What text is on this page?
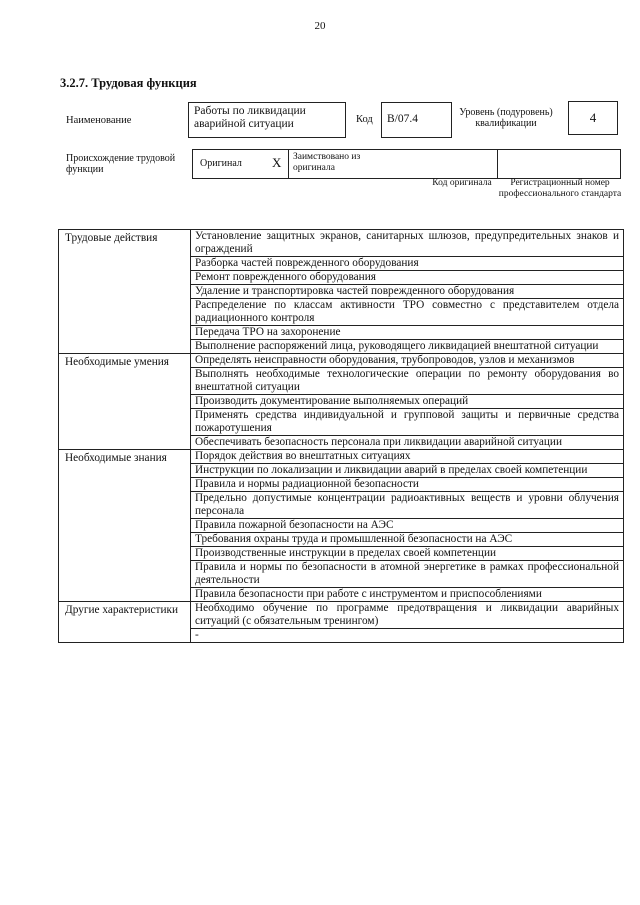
20
3.2.7. Трудовая функция
Наименование
Работы по ликвидации аварийной ситуации	Код	B/07.4
Уровень (подуровень) квалификации	4
Происхождение трудовой функции
Оригинал X Заимствовано из оригинала
Код оригинала	Регистрационный номер профессионального стандарта
Трудовые действия	Установление защитных экранов, санитарных шлюзов, предупредительных знаков и ограждений
	Разборка частей поврежденного оборудования
	Ремонт поврежденного оборудования
	Удаление и транспортировка частей поврежденного оборудования
	Распределение по классам активности ТРО совместно с представителем отдела радиационного контроля
	Передача ТРО на захоронение
	Выполнение распоряжений лица, руководящего ликвидацией внештатной ситуации
Необходимые умения	Определять неисправности оборудования, трубопроводов, узлов и механизмов
	Выполнять необходимые технологические операции по ремонту оборудования во внештатной ситуации
	Производить документирование выполняемых операций
	Применять средства индивидуальной и групповой защиты и первичные средства пожаротушения
	Обеспечивать безопасность персонала при ликвидации аварийной ситуации
Необходимые знания	Порядок действия во внештатных ситуациях
	Инструкции по локализации и ликвидации аварий в пределах своей компетенции
	Правила и нормы радиационной безопасности
	Предельно допустимые концентрации радиоактивных веществ и уровни облучения персонала
	Правила пожарной безопасности на АЭС
	Требования охраны труда и промышленной безопасности на АЭС
	Производственные инструкции в пределах своей компетенции
	Правила и нормы по безопасности в атомной энергетике в рамках профессиональной деятельности
	Правила безопасности при работе с инструментом и приспособлениями
Другие характеристики	Необходимо обучение по программе предотвращения и ликвидации аварийных ситуаций (с обязательным тренингом)
	-
